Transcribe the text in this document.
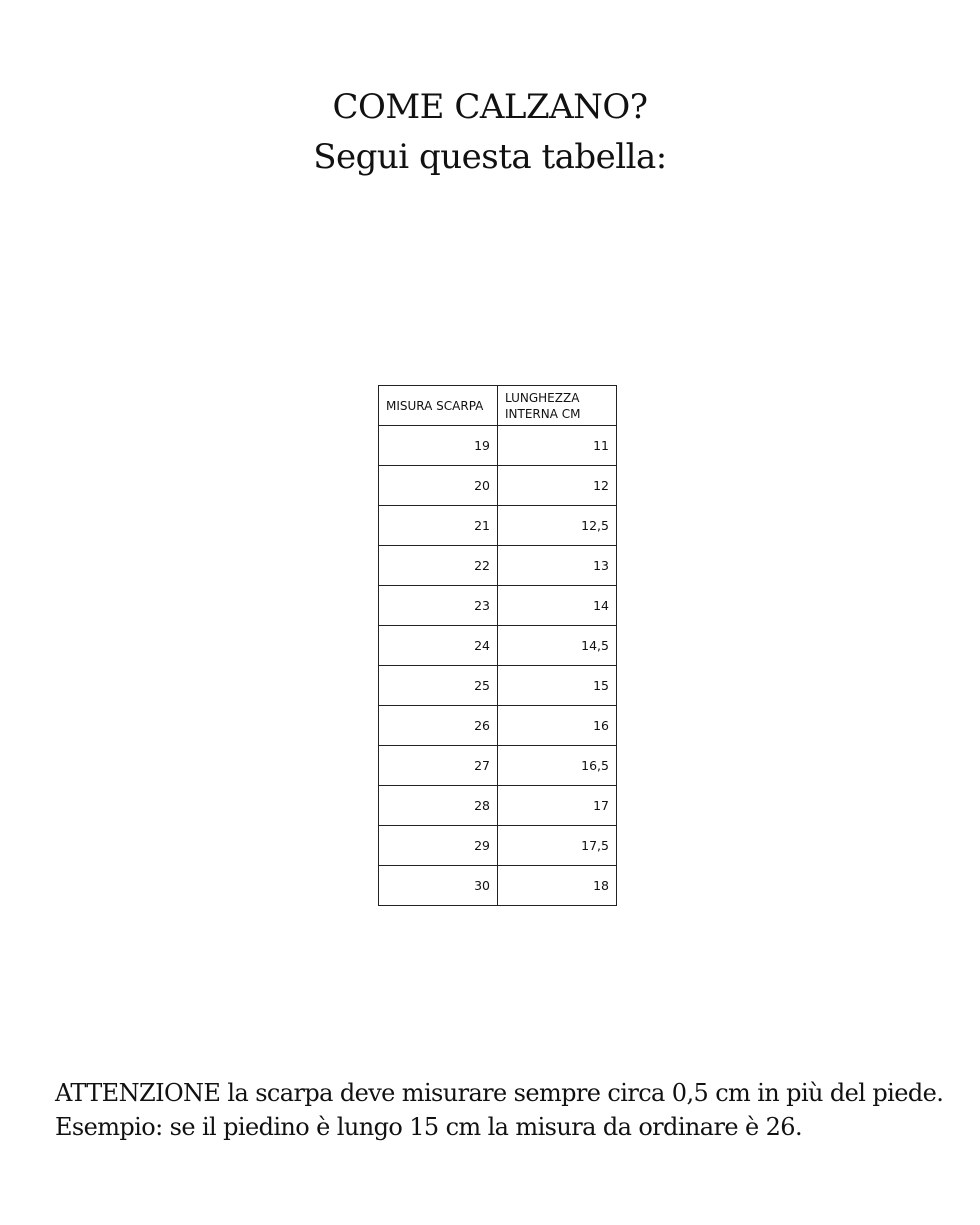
COME CALZANO?
Segui questa tabella:
MISURA SCARPA	LUNGHEZZA
INTERNA CM
19	11
20	12
21	12,5
22	13
23	14
24	14,5
25	15
26	16
27	16,5
28	17
29	17,5
30	18
ATTENZIONE la scarpa deve misurare sempre circa 0,5 cm in più del piede.
Esempio: se il piedino è lungo 15 cm la misura da ordinare è 26.
